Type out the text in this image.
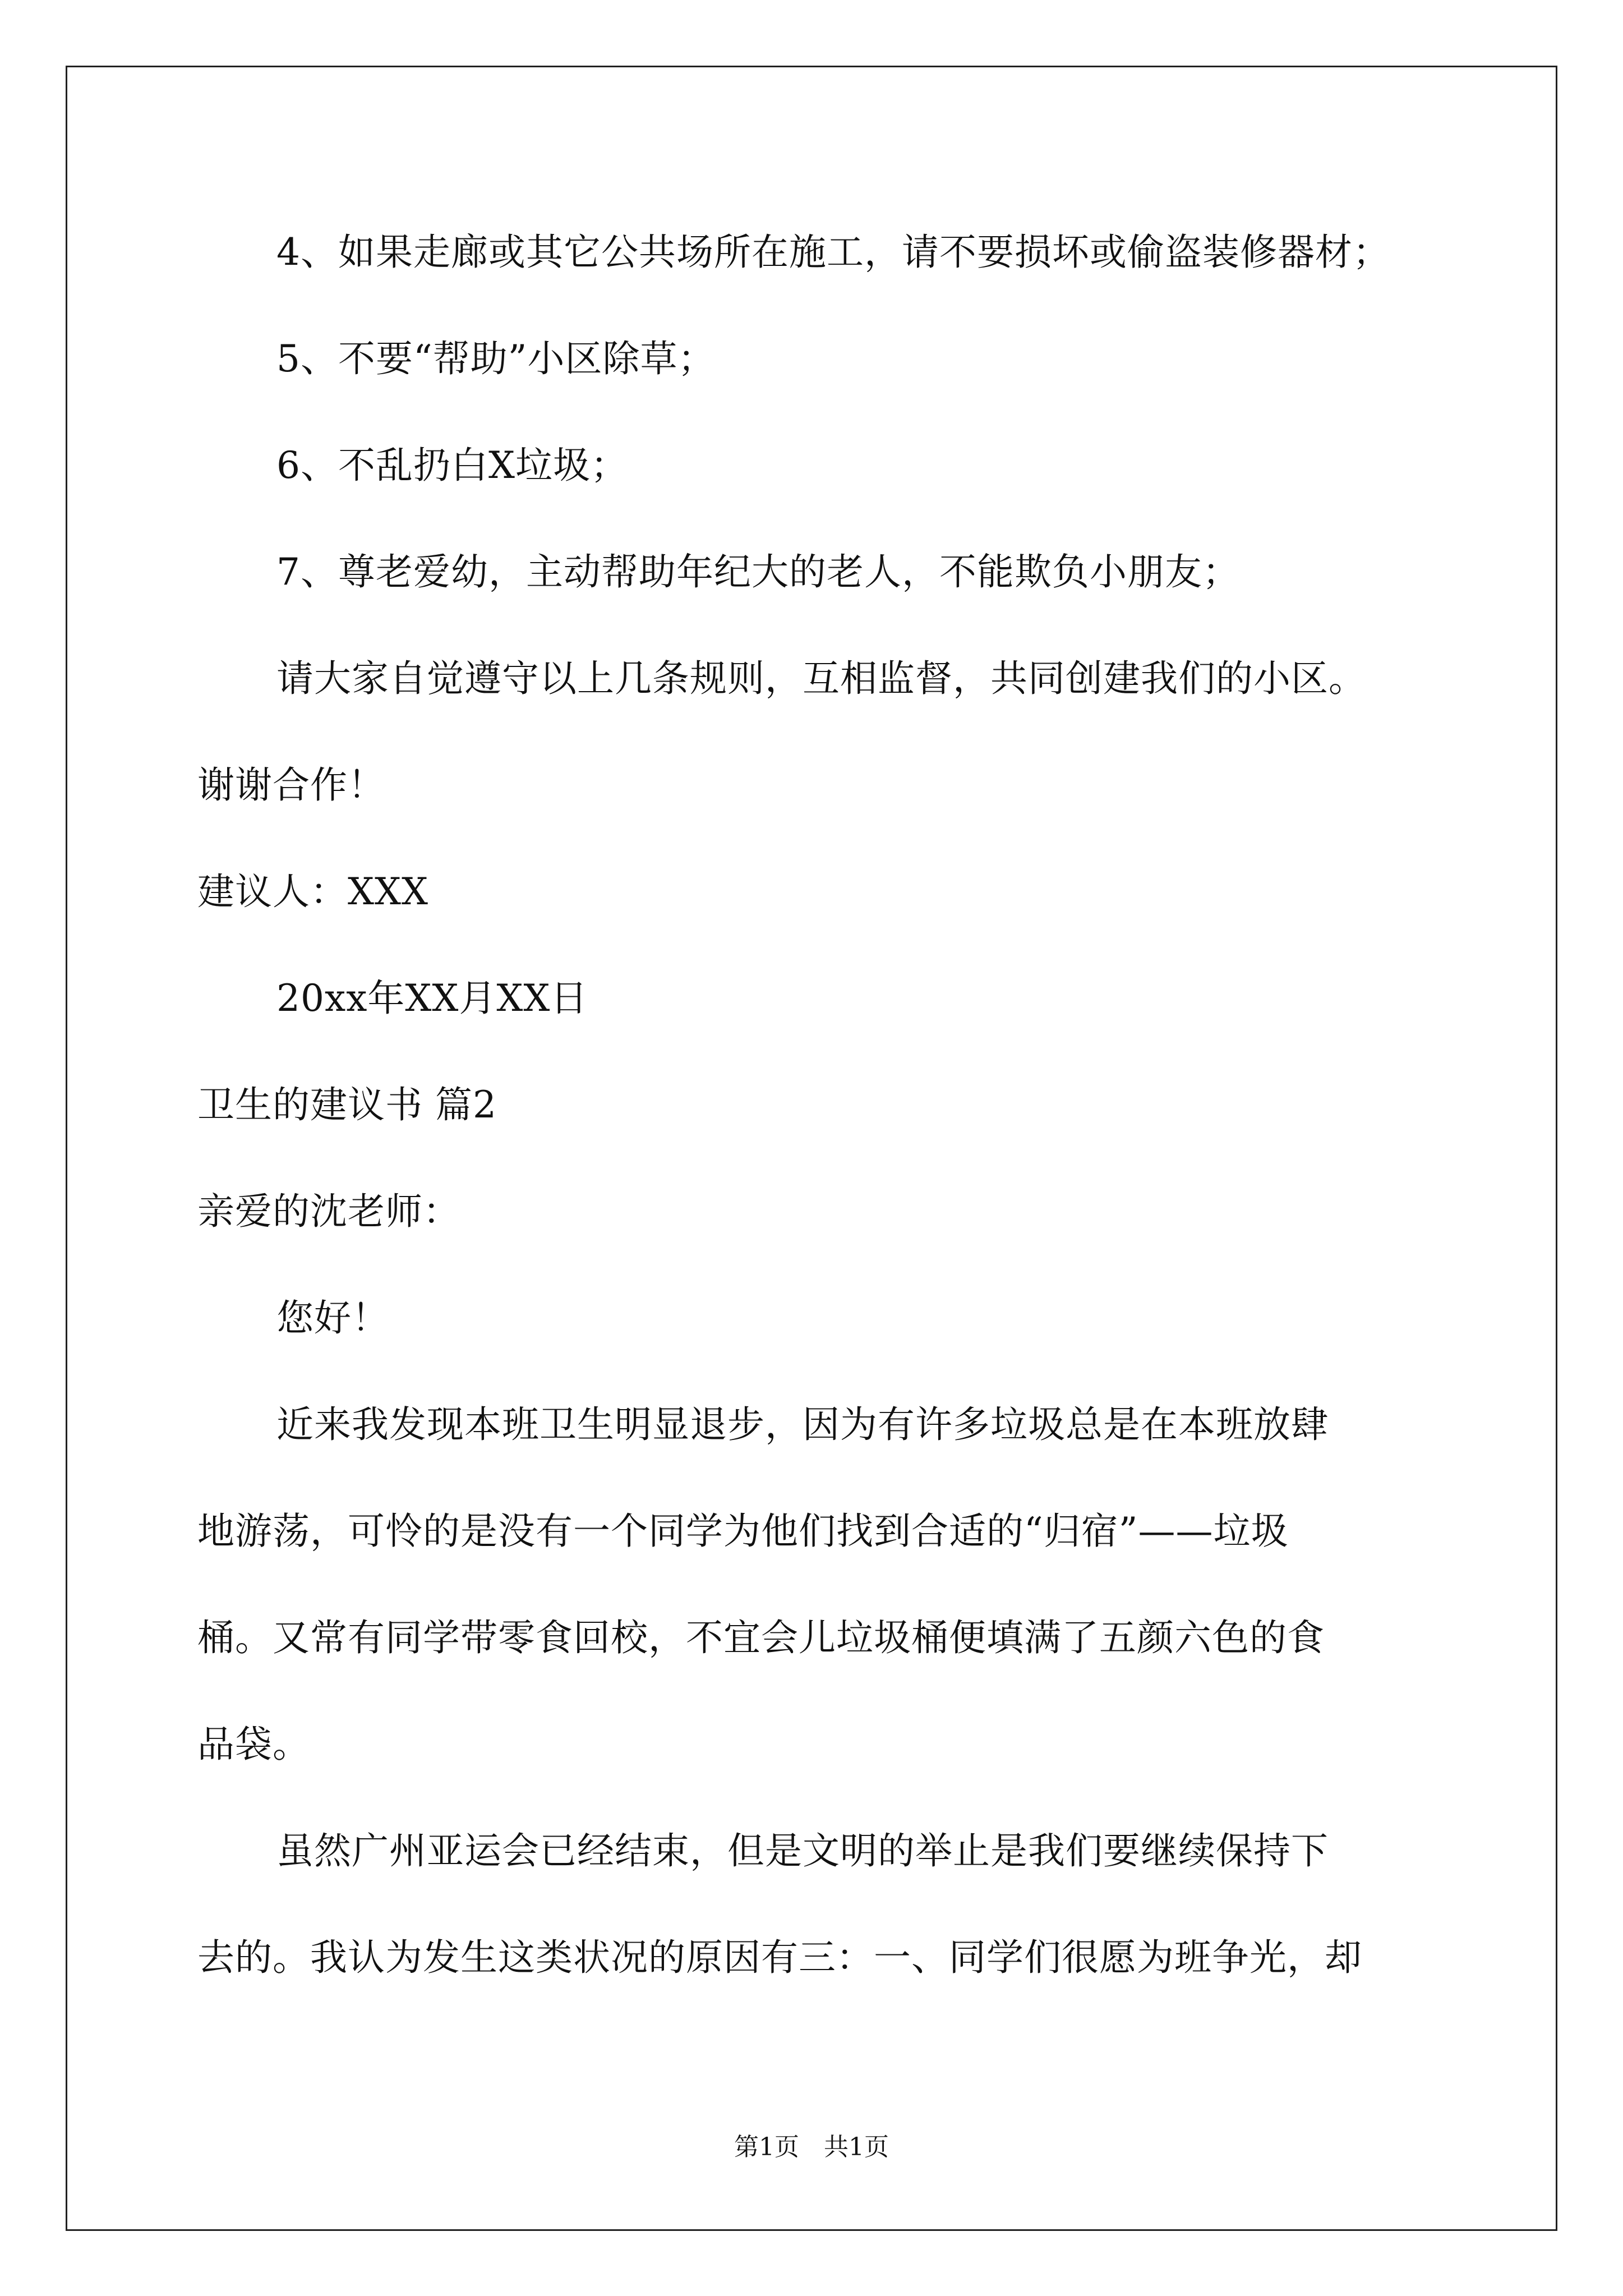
4、如果走廊或其它公共场所在施工，请不要损坏或偷盗装修器材；
5、不要“帮助”小区除草；
6、不乱扔白X垃圾；
7、尊老爱幼，主动帮助年纪大的老人，不能欺负小朋友；
请大家自觉遵守以上几条规则，互相监督，共同创建我们的小区。
谢谢合作！
建议人：XXX
20xx年XX月XX日
卫生的建议书 篇2
亲爱的沈老师：
您好！
近来我发现本班卫生明显退步，因为有许多垃圾总是在本班放肆
地游荡，可怜的是没有一个同学为他们找到合适的“归宿”——垃圾
桶。又常有同学带零食回校，不宜会儿垃圾桶便填满了五颜六色的食
品袋。
虽然广州亚运会已经结束，但是文明的举止是我们要继续保持下
去的。我认为发生这类状况的原因有三：一、同学们很愿为班争光，却
第1页　共1页
